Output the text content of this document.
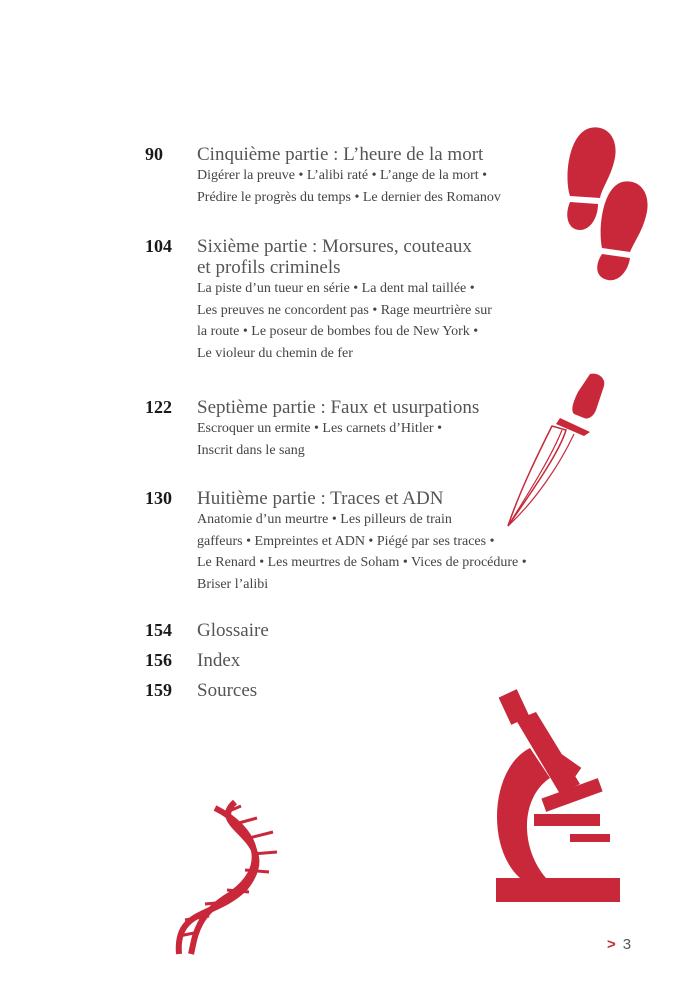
90 Cinquième partie : L’heure de la mort
Digérer la preuve • L’alibi raté • L’ange de la mort •
Prédire le progrès du temps • Le dernier des Romanov
104 Sixième partie : Morsures, couteaux
et profils criminels
La piste d’un tueur en série • La dent mal taillée •
Les preuves ne concordent pas • Rage meurtrière sur
la route • Le poseur de bombes fou de New York •
Le violeur du chemin de fer
122 Septième partie : Faux et usurpations
Escroquer un ermite • Les carnets d’Hitler •
Inscrit dans le sang
130 Huitième partie : Traces et ADN
Anatomie d’un meurtre • Les pilleurs de train
gaffeurs • Empreintes et ADN • Piégé par ses traces •
Le Renard • Les meurtres de Soham • Vices de procédure •
Briser l’alibi
154 Glossaire
156 Index
159 Sources
> 3
